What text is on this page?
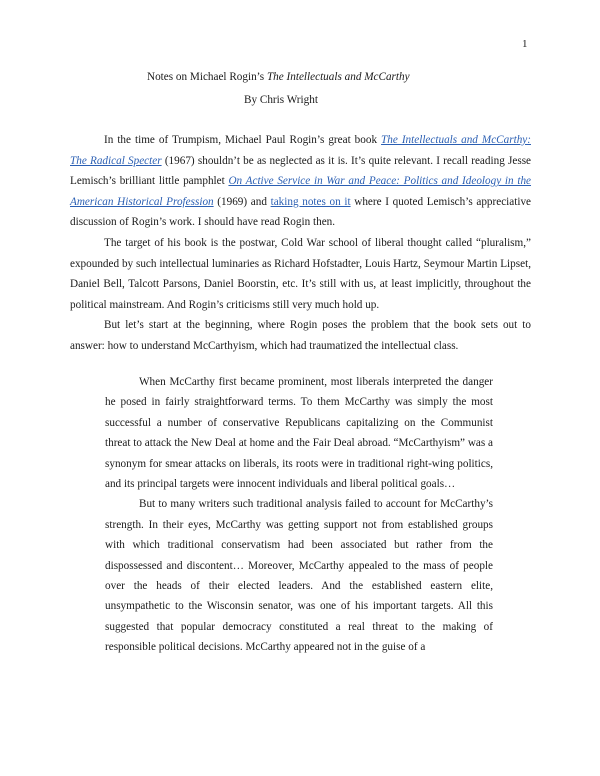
1
Notes on Michael Rogin’s The Intellectuals and McCarthy
By Chris Wright

In the time of Trumpism, Michael Paul Rogin’s great book The Intellectuals and McCarthy: The Radical Specter (1967) shouldn’t be as neglected as it is. It’s quite relevant. I recall reading Jesse Lemisch’s brilliant little pamphlet On Active Service in War and Peace: Politics and Ideology in the American Historical Profession (1969) and taking notes on it where I quoted Lemisch’s appreciative discussion of Rogin’s work. I should have read Rogin then.

The target of his book is the postwar, Cold War school of liberal thought called “pluralism,” expounded by such intellectual luminaries as Richard Hofstadter, Louis Hartz, Seymour Martin Lipset, Daniel Bell, Talcott Parsons, Daniel Boorstin, etc. It’s still with us, at least implicitly, throughout the political mainstream. And Rogin’s criticisms still very much hold up.

But let’s start at the beginning, where Rogin poses the problem that the book sets out to answer: how to understand McCarthyism, which had traumatized the intellectual class.

When McCarthy first became prominent, most liberals interpreted the danger he posed in fairly straightforward terms. To them McCarthy was simply the most successful a number of conservative Republicans capitalizing on the Communist threat to attack the New Deal at home and the Fair Deal abroad. “McCarthyism” was a synonym for smear attacks on liberals, its roots were in traditional right-wing politics, and its principal targets were innocent individuals and liberal political goals…

But to many writers such traditional analysis failed to account for McCarthy’s strength. In their eyes, McCarthy was getting support not from established groups with which traditional conservatism had been associated but rather from the dispossessed and discontent… Moreover, McCarthy appealed to the mass of people over the heads of their elected leaders. And the established eastern elite, unsympathetic to the Wisconsin senator, was one of his important targets. All this suggested that popular democracy constituted a real threat to the making of responsible political decisions. McCarthy appeared not in the guise of a
